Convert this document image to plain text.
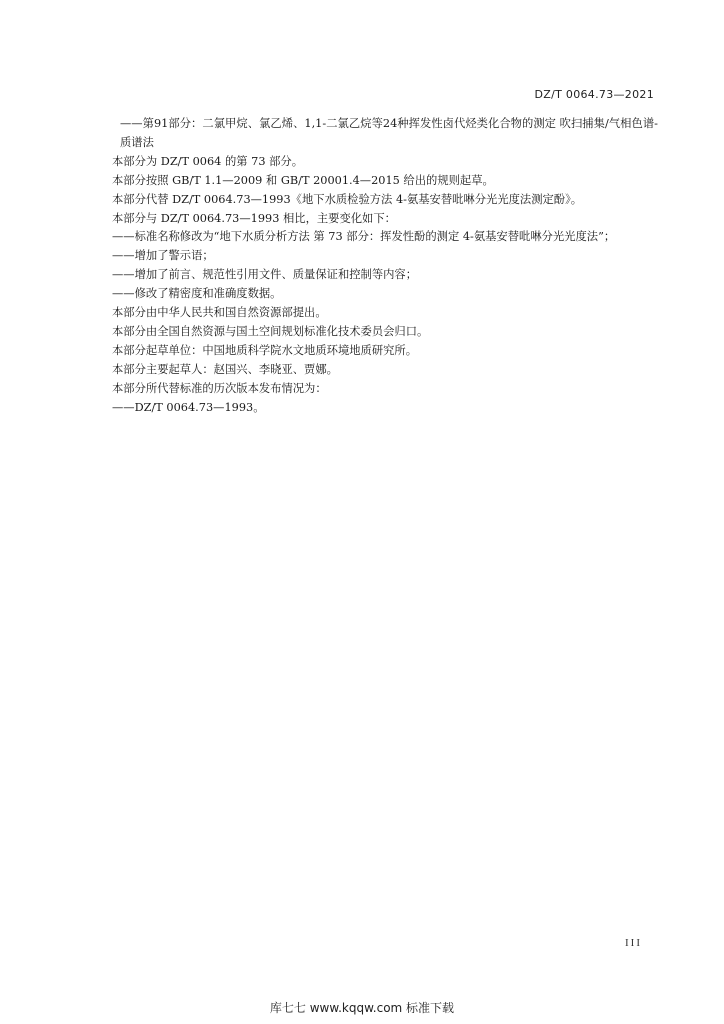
DZ/T 0064.73—2021

——第91部分：二氯甲烷、氯乙烯、1,1-二氯乙烷等24种挥发性卤代烃类化合物的测定 吹扫捕集/气相色谱-质谱法

本部分为 DZ/T 0064 的第 73 部分。

本部分按照 GB/T 1.1—2009 和 GB/T 20001.4—2015 给出的规则起草。

本部分代替 DZ/T 0064.73—1993《地下水质检验方法 4-氨基安替吡啉分光光度法测定酚》。

本部分与 DZ/T 0064.73—1993 相比，主要变化如下：

——标准名称修改为“地下水质分析方法 第 73 部分：挥发性酚的测定 4-氨基安替吡啉分光光度法”；

——增加了警示语；

——增加了前言、规范性引用文件、质量保证和控制等内容；

——修改了精密度和准确度数据。

本部分由中华人民共和国自然资源部提出。

本部分由全国自然资源与国土空间规划标准化技术委员会归口。

本部分起草单位：中国地质科学院水文地质环境地质研究所。

本部分主要起草人：赵国兴、李晓亚、贾娜。

本部分所代替标准的历次版本发布情况为：

——DZ/T 0064.73—1993。

III
库七七 www.kqqw.com 标准下载
